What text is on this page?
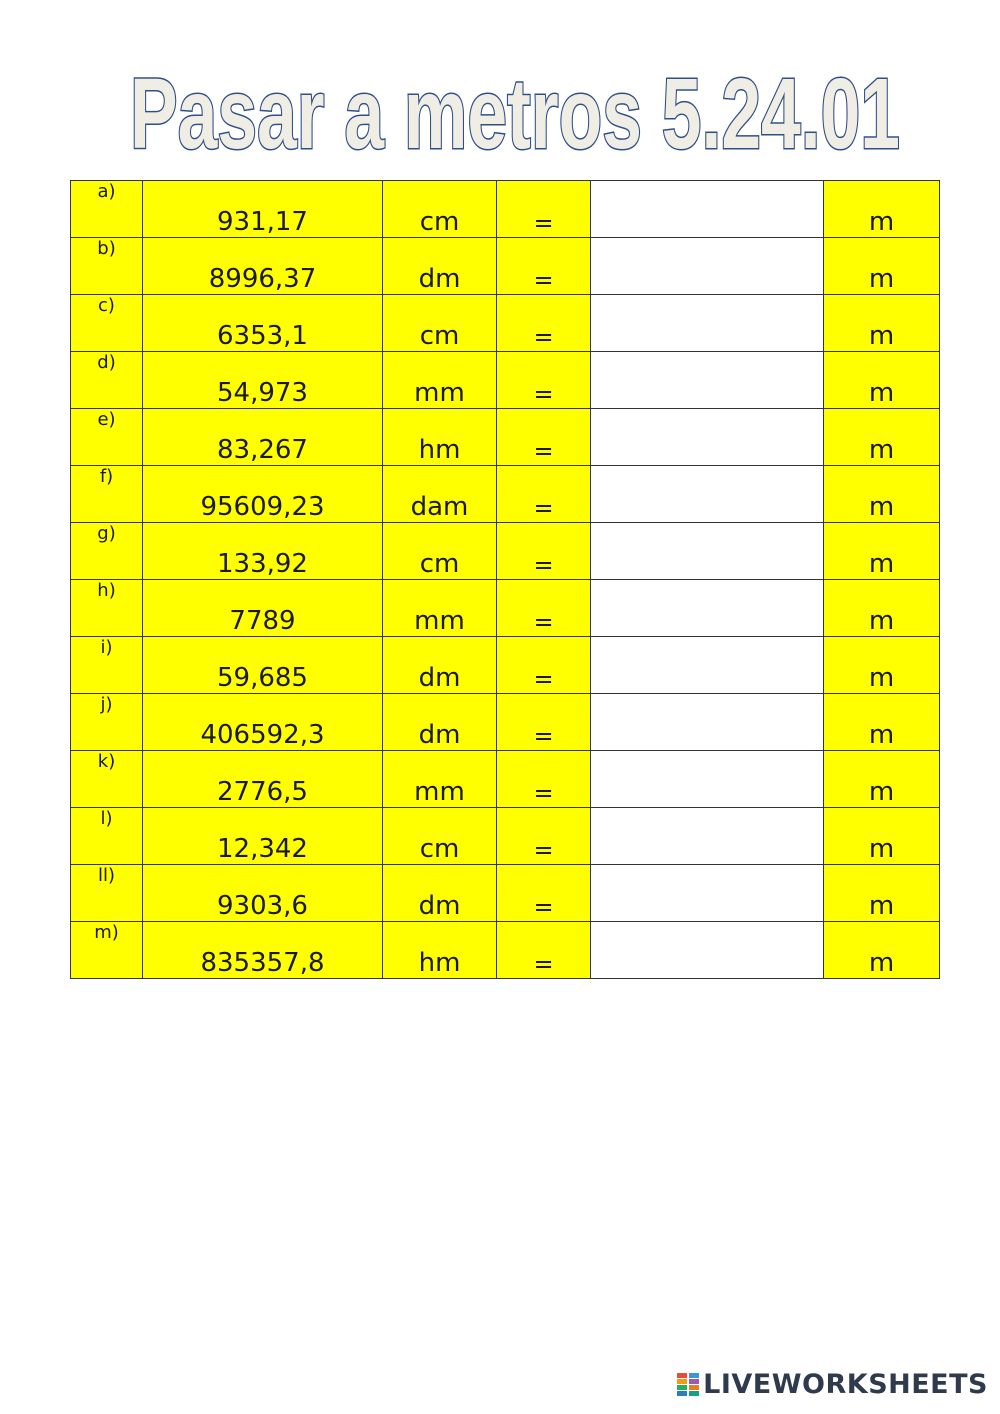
Pasar a metros 5.24.01
a)	931,17	cm	=		m
b)	8996,37	dm	=		m
c)	6353,1	cm	=		m
d)	54,973	mm	=		m
e)	83,267	hm	=		m
f)	95609,23	dam	=		m
g)	133,92	cm	=		m
h)	7789	mm	=		m
i)	59,685	dm	=		m
j)	406592,3	dm	=		m
k)	2776,5	mm	=		m
l)	12,342	cm	=		m
ll)	9303,6	dm	=		m
m)	835357,8	hm	=		m
LIVEWORKSHEETS
